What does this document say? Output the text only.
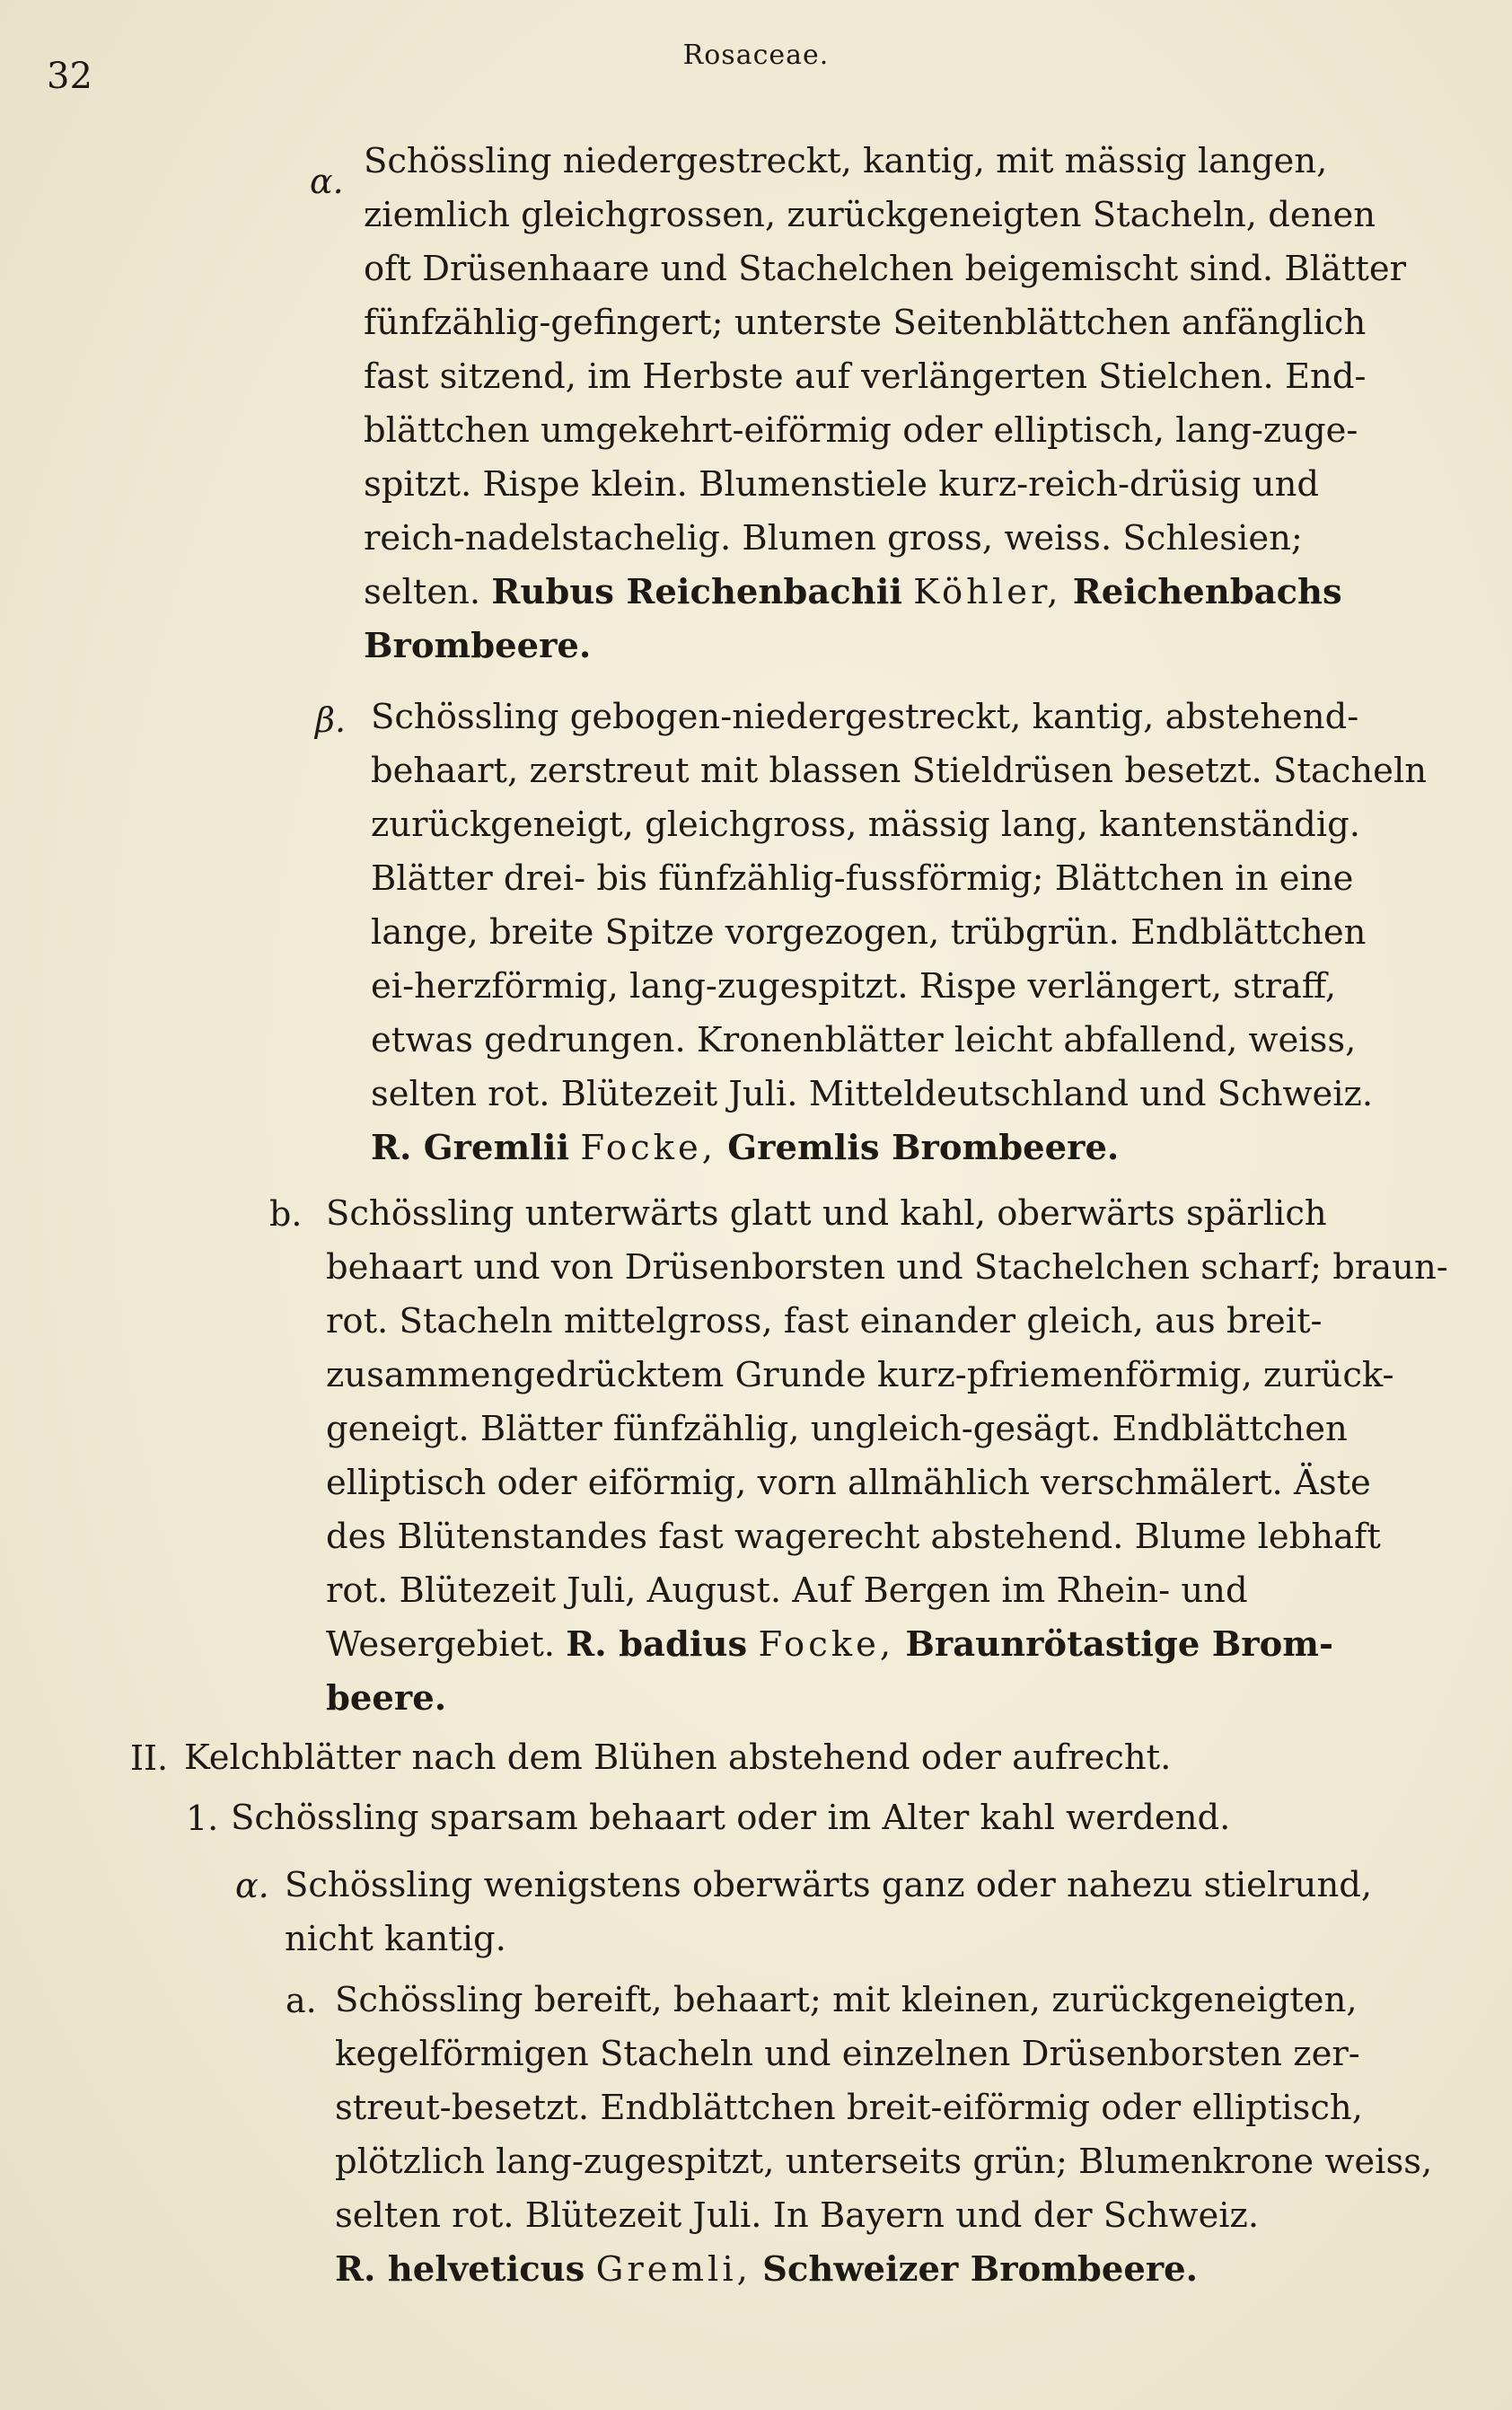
32
Rosaceae.
α. Schössling niedergestreckt, kantig, mit mässig langen,
ziemlich gleichgrossen, zurückgeneigten Stacheln, denen
oft Drüsenhaare und Stachelchen beigemischt sind. Blätter
fünfzählig-gefingert; unterste Seitenblättchen anfänglich
fast sitzend, im Herbste auf verlängerten Stielchen. End-
blättchen umgekehrt-eiförmig oder elliptisch, lang-zuge-
spitzt. Rispe klein. Blumenstiele kurz-reich-drüsig und
reich-nadelstachelig. Blumen gross, weiss. Schlesien;
selten. Rubus Reichenbachii Köhler, Reichenbachs
Brombeere.
β. Schössling gebogen-niedergestreckt, kantig, abstehend-
behaart, zerstreut mit blassen Stieldrüsen besetzt. Stacheln
zurückgeneigt, gleichgross, mässig lang, kantenständig.
Blätter drei- bis fünfzählig-fussförmig; Blättchen in eine
lange, breite Spitze vorgezogen, trübgrün. Endblättchen
ei-herzförmig, lang-zugespitzt. Rispe verlängert, straff,
etwas gedrungen. Kronenblätter leicht abfallend, weiss,
selten rot. Blütezeit Juli. Mitteldeutschland und Schweiz.
R. Gremlii Focke, Gremlis Brombeere.
b. Schössling unterwärts glatt und kahl, oberwärts spärlich
behaart und von Drüsenborsten und Stachelchen scharf; braun-
rot. Stacheln mittelgross, fast einander gleich, aus breit-
zusammengedrücktem Grunde kurz-pfriemenförmig, zurück-
geneigt. Blätter fünfzählig, ungleich-gesägt. Endblättchen
elliptisch oder eiförmig, vorn allmählich verschmälert. Äste
des Blütenstandes fast wagerecht abstehend. Blume lebhaft
rot. Blütezeit Juli, August. Auf Bergen im Rhein- und
Wesergebiet. R. badius Focke, Braunrötastige Brom-
beere.
II. Kelchblätter nach dem Blühen abstehend oder aufrecht.
1. Schössling sparsam behaart oder im Alter kahl werdend.
α. Schössling wenigstens oberwärts ganz oder nahezu stielrund,
nicht kantig.
a. Schössling bereift, behaart; mit kleinen, zurückgeneigten,
kegelförmigen Stacheln und einzelnen Drüsenborsten zer-
streut-besetzt. Endblättchen breit-eiförmig oder elliptisch,
plötzlich lang-zugespitzt, unterseits grün; Blumenkrone weiss,
selten rot. Blütezeit Juli. In Bayern und der Schweiz.
R. helveticus Gremli, Schweizer Brombeere.
